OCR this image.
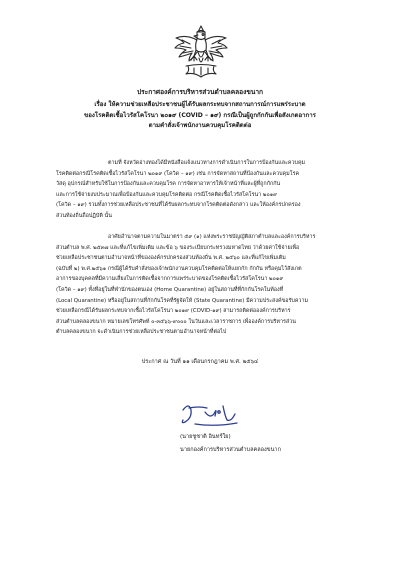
ประกาศองค์การบริหารส่วนตำบลคลองขนาก
เรื่อง ให้ความช่วยเหลือประชาชนผู้ได้รับผลกระทบจากสถานการณ์การแพร่ระบาด
ของโรคติดเชื้อไวรัสโคโรนา ๒๐๑๙ (COVID – ๑๙) กรณีเป็นผู้ถูกกักกันเพื่อสังเกตอาการ
ตามคำสั่งเจ้าพนักงานควบคุมโรคติดต่อ
ตามที่ จังหวัดอ่างทองได้มีหนังสือแจ้งแนวทางการดำเนินการในการป้องกันและควบคุม
โรคติดต่อกรณีโรคติดเชื้อไวรัสโคโรนา ๒๐๑๙ (โควิด – ๑๙) เช่น การจัดหาสถานที่ป้องกันและควบคุมโรค
วัสดุ อุปกรณ์สำหรับใช้ในการป้องกันและควบคุมโรค การจัดหาอาหารให้เจ้าหน้าที่และผู้ที่ถูกกักกัน
และการใช้จ่ายงบประมาณเพื่อป้องกันและควบคุมโรคติดต่อ กรณีโรคติดเชื้อไวรัสโคโรนา ๒๐๑๙
(โควิด – ๑๙) รวมทั้งการช่วยเหลือประชาชนที่ได้รับผลกระทบจากโรคติดต่อดังกล่าว และให้องค์กรปกครอง
ส่วนท้องถิ่นถือปฏิบัติ นั้น
อาศัยอำนาจตามความในมาตรา ๕๙ (๑) แห่งพระราชบัญญัติสภาตำบลและองค์การบริหาร
ส่วนตำบล พ.ศ. ๒๕๓๗ และที่แก้ไขเพิ่มเติม และข้อ ๖ ของระเบียบกระทรวงมหาดไทย ว่าด้วยค่าใช้จ่ายเพื่อ
ช่วยเหลือประชาชนตามอำนาจหน้าที่ขององค์กรปกครองส่วนท้องถิ่น พ.ศ. ๒๕๖๐ และที่แก้ไขเพิ่มเติม
(ฉบับที่ ๒) พ.ศ.๒๕๖๑ กรณีผู้ได้รับคำสั่งของเจ้าพนักงานควบคุมโรคติดต่อให้แยกกัก กักกัน หรือคุมไว้สังเกต
อาการของบุคคลที่มีความเสี่ยงในการติดเชื้อจากการแพร่ระบาดของโรคติดเชื้อไวรัสโคโรนา ๒๐๑๙
(โควิด – ๑๙) ทั้งที่อยู่ในที่พำนักของตนเอง (Home Quarantine) อยู่ในสถานที่ที่กักกันโรคในท้องที่
(Local Quarantine) หรืออยู่ในสถานที่กักกันโรคที่รัฐจัดให้ (State Quarantine) มีความประสงค์ขอรับความ
ช่วยเหลือกรณีได้รับผลกระทบจากเชื้อไวรัสโคโรนา ๒๐๑๙ (COVID-๑๙) สามารถติดต่อองค์การบริหาร
ส่วนตำบลคลองขนาก หมายเลขโทรศัพท์ ๐-๓๕๖๖-๙๐๐๐ ในวันและเวลาราชการ เพื่อองค์การบริหารส่วน
ตำบลคลองขนาก จะดำเนินการช่วยเหลือประชาชนตามอำนาจหน้าที่ต่อไป
ประกาศ ณ วันที่ ๑๑ เดือนกรกฎาคม พ.ศ. ๒๕๖๔
(นายชูชาติ อินทร์ใย)
นายกองค์การบริหารส่วนตำบลคลองขนาก
